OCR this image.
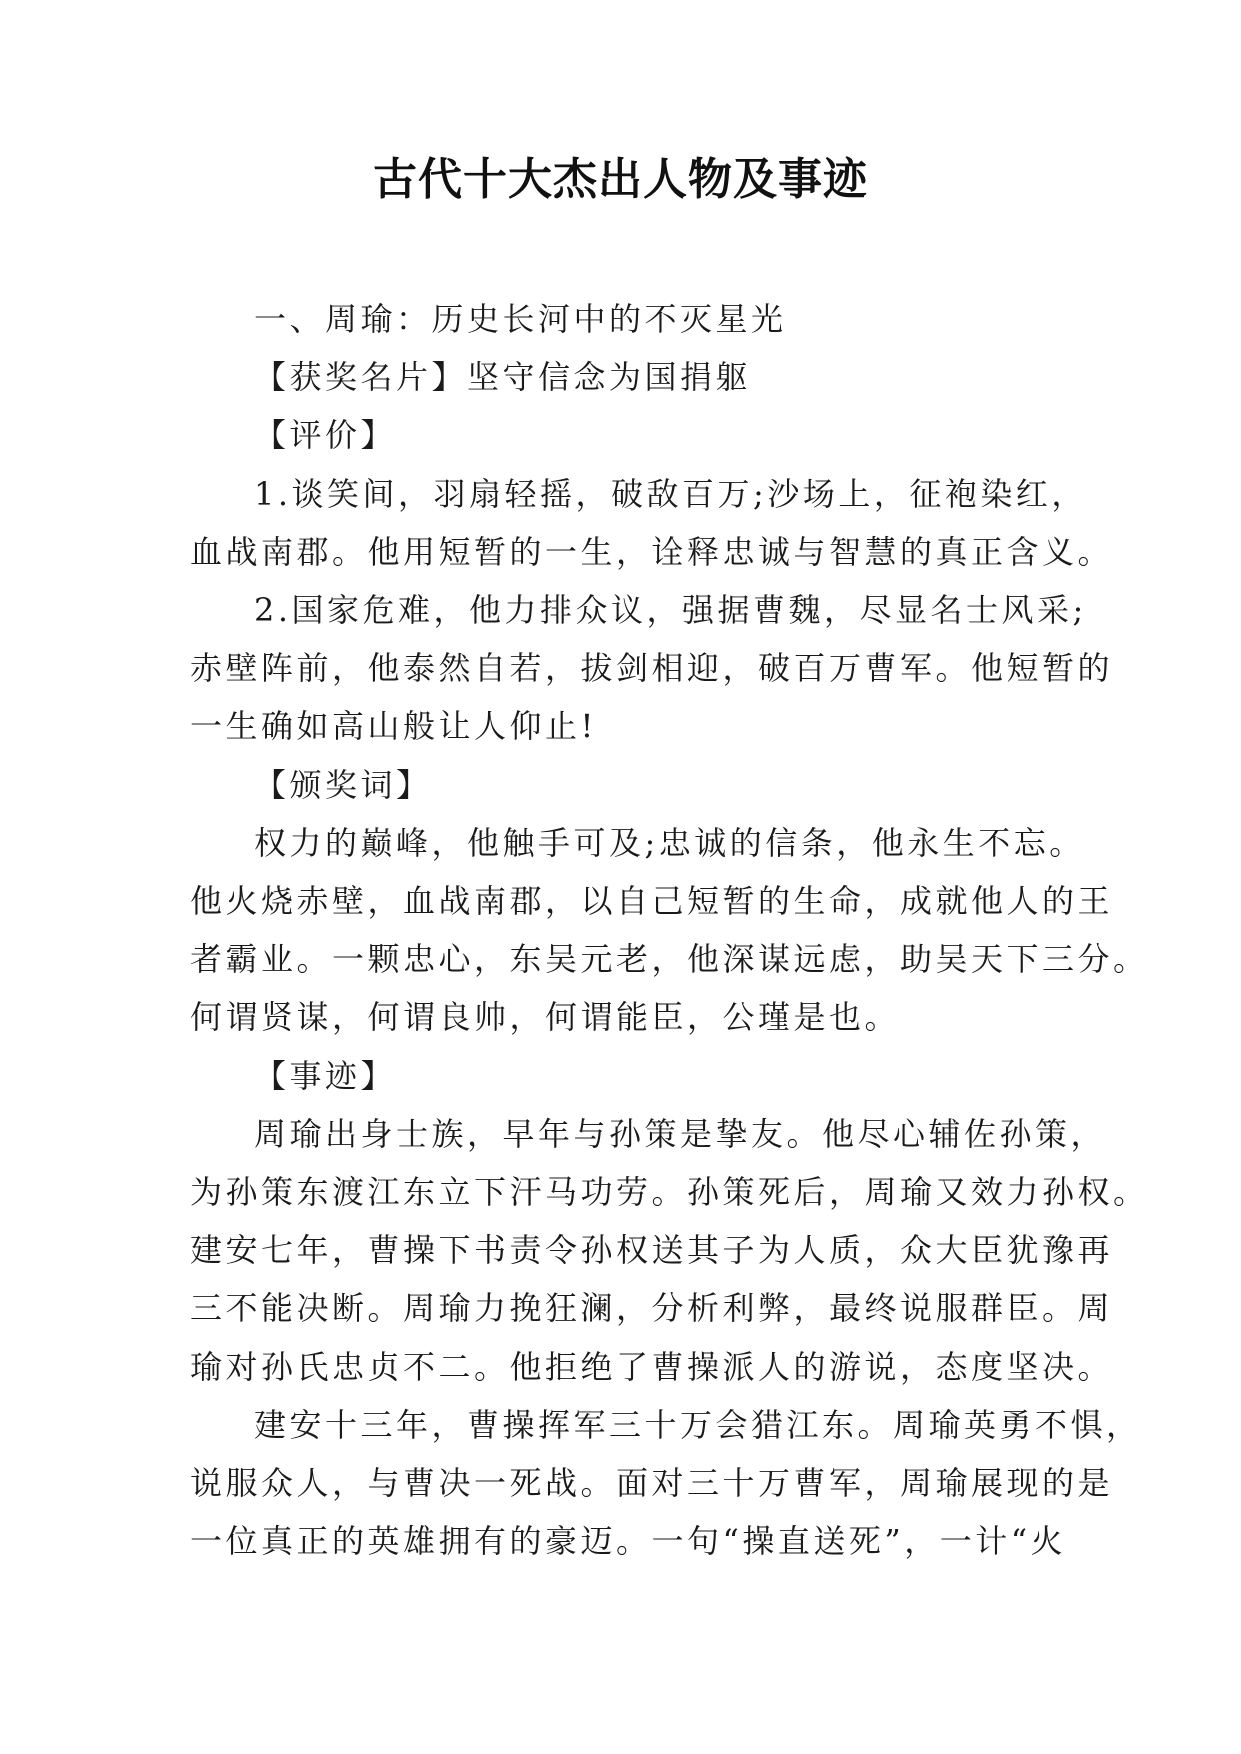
古代十大杰出人物及事迹
一、周瑜：历史长河中的不灭星光
【获奖名片】坚守信念为国捐躯
【评价】
1.谈笑间，羽扇轻摇，破敌百万;沙场上，征袍染红，
血战南郡。他用短暂的一生，诠释忠诚与智慧的真正含义。
2.国家危难，他力排众议，强据曹魏，尽显名士风采;
赤壁阵前，他泰然自若，拔剑相迎，破百万曹军。他短暂的
一生确如高山般让人仰止!
【颁奖词】
权力的巅峰，他触手可及;忠诚的信条，他永生不忘。
他火烧赤壁，血战南郡，以自己短暂的生命，成就他人的王
者霸业。一颗忠心，东吴元老，他深谋远虑，助吴天下三分。
何谓贤谋，何谓良帅，何谓能臣，公瑾是也。
【事迹】
周瑜出身士族，早年与孙策是挚友。他尽心辅佐孙策，
为孙策东渡江东立下汗马功劳。孙策死后，周瑜又效力孙权。
建安七年，曹操下书责令孙权送其子为人质，众大臣犹豫再
三不能决断。周瑜力挽狂澜，分析利弊，最终说服群臣。周
瑜对孙氏忠贞不二。他拒绝了曹操派人的游说，态度坚决。
建安十三年，曹操挥军三十万会猎江东。周瑜英勇不惧，
说服众人，与曹决一死战。面对三十万曹军，周瑜展现的是
一位真正的英雄拥有的豪迈。一句“操直送死”，一计“火
